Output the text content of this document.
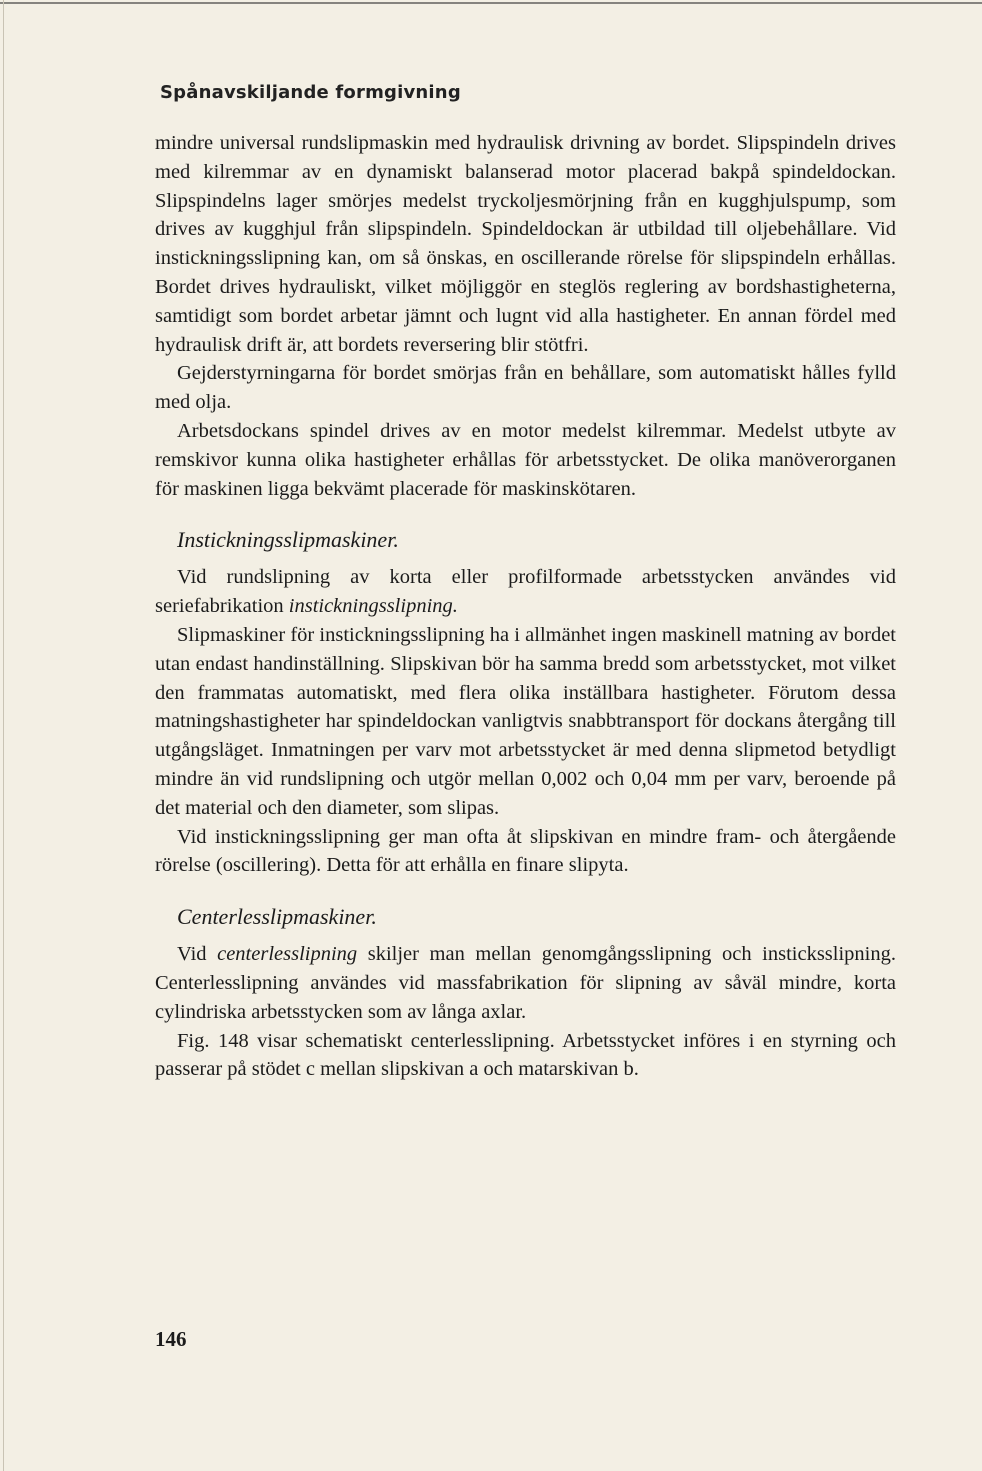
Spånavskiljande formgivning

mindre universal rundslipmaskin med hydraulisk drivning av bordet. Slipspindeln drives med kilremmar av en dynamiskt balanserad motor placerad bakpå spindeldockan. Slipspindelns lager smörjes medelst tryckoljesmörjning från en kugghjulspump, som drives av kugghjul från slipspindeln. Spindeldockan är utbildad till oljebehållare. Vid instickningsslipning kan, om så önskas, en oscillerande rörelse för slipspindeln erhållas. Bordet drives hydrauliskt, vilket möjliggör en steglös reglering av bordshastigheterna, samtidigt som bordet arbetar jämnt och lugnt vid alla hastigheter. En annan fördel med hydraulisk drift är, att bordets reversering blir stötfri.

Gejderstyrningarna för bordet smörjas från en behållare, som automatiskt hålles fylld med olja.

Arbetsdockans spindel drives av en motor medelst kilremmar. Medelst utbyte av remskivor kunna olika hastigheter erhållas för arbetsstycket. De olika manöverorganen för maskinen ligga bekvämt placerade för maskinskötaren.

Instickningsslipmaskiner.

Vid rundslipning av korta eller profilformade arbetsstycken användes vid seriefabrikation instickningsslipning.

Slipmaskiner för instickningsslipning ha i allmänhet ingen maskinell matning av bordet utan endast handinställning. Slipskivan bör ha samma bredd som arbetsstycket, mot vilket den frammatas automatiskt, med flera olika inställbara hastigheter. Förutom dessa matningshastigheter har spindeldockan vanligtvis snabbtransport för dockans återgång till utgångsläget. Inmatningen per varv mot arbetsstycket är med denna slipmetod betydligt mindre än vid rundslipning och utgör mellan 0,002 och 0,04 mm per varv, beroende på det material och den diameter, som slipas.

Vid instickningsslipning ger man ofta åt slipskivan en mindre fram- och återgående rörelse (oscillering). Detta för att erhålla en finare slipyta.

Centerlesslipmaskiner.

Vid centerlesslipning skiljer man mellan genomgångsslipning och insticksslipning. Centerlesslipning användes vid massfabrikation för slipning av såväl mindre, korta cylindriska arbetsstycken som av långa axlar.

Fig. 148 visar schematiskt centerlesslipning. Arbetsstycket införes i en styrning och passerar på stödet c mellan slipskivan a och matarskivan b.

146
